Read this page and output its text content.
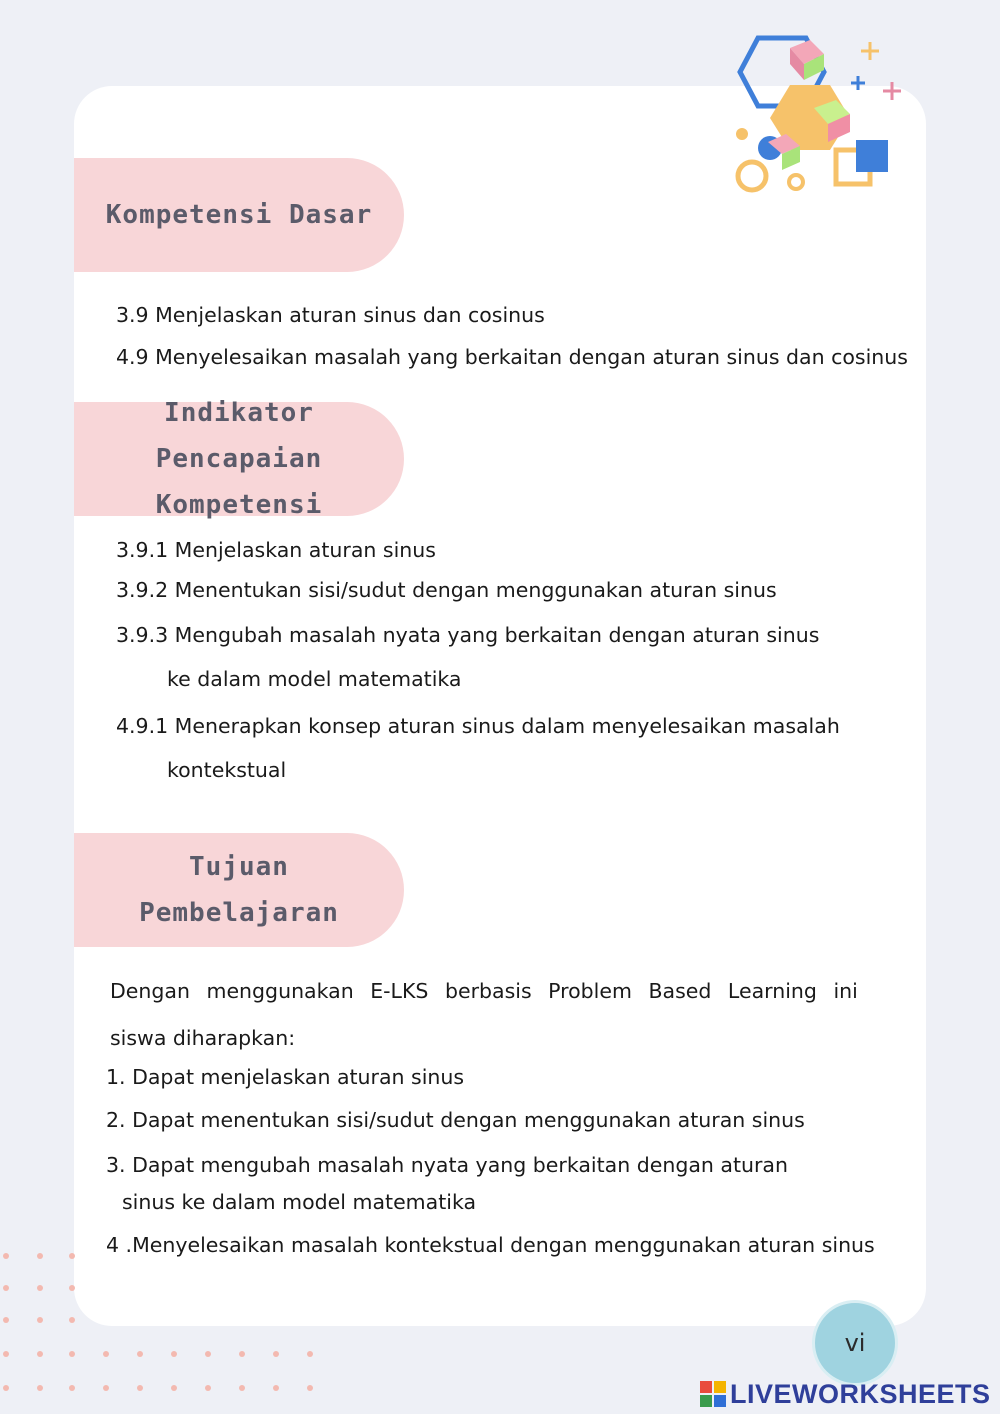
Kompetensi Dasar
3.9 Menjelaskan aturan sinus dan cosinus
4.9 Menyelesaikan masalah yang berkaitan dengan aturan sinus dan cosinus
Indikator Pencapaian
Kompetensi
3.9.1 Menjelaskan aturan sinus
3.9.2 Menentukan sisi/sudut dengan menggunakan aturan sinus
3.9.3 Mengubah masalah nyata yang berkaitan dengan aturan sinus
ke dalam model matematika
4.9.1 Menerapkan konsep aturan sinus dalam menyelesaikan masalah
kontekstual
Tujuan
Pembelajaran
Dengan menggunakan E-LKS berbasis Problem Based Learning ini
siswa diharapkan:
1. Dapat menjelaskan aturan sinus
2. Dapat menentukan sisi/sudut dengan menggunakan aturan sinus
3. Dapat mengubah masalah nyata yang berkaitan dengan aturan
sinus ke dalam model matematika
4 .Menyelesaikan masalah kontekstual dengan menggunakan aturan sinus
vi
LIVEWORKSHEETS
